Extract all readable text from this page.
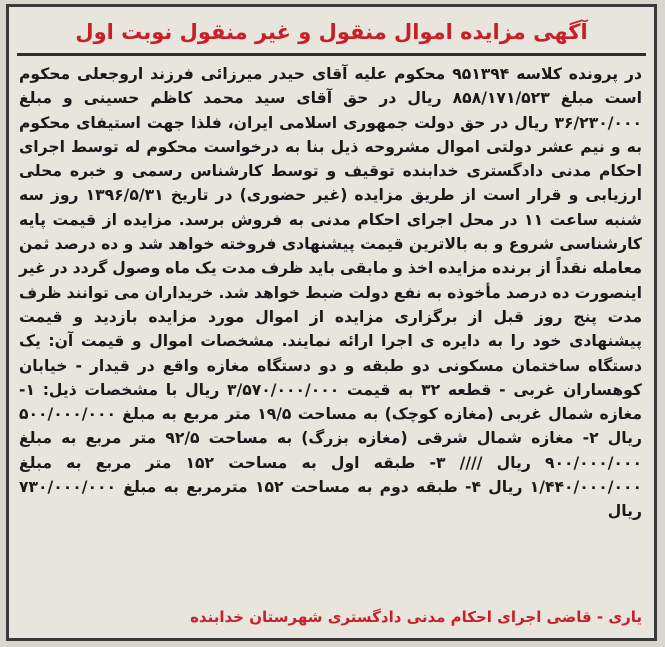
آگهی مزایده اموال منقول و غیر منقول نوبت اول
در پرونده کلاسه ۹۵۱۳۹۴ محکوم علیه آقای حیدر میرزائی فرزند اروجعلی محکوم است مبلغ ۸۵۸/۱۷۱/۵۲۳ ریال در حق آقای سید محمد کاظم حسینی و مبلغ ۳۶/۲۳۰/۰۰۰ ریال در حق دولت جمهوری اسلامی ایران، فلذا جهت استیفای محکوم به و نیم عشر دولتی اموال مشروحه ذیل بنا به درخواست محکوم له توسط اجرای احکام مدنی دادگستری خدابنده توقیف و توسط کارشناس رسمی و خبره محلی ارزیابی و قرار است از طریق مزایده (غیر حضوری) در تاریخ ۱۳۹۶/۵/۳۱ روز سه شنبه ساعت ۱۱ در محل اجرای احکام مدنی به فروش برسد. مزایده از قیمت پایه کارشناسی شروع و به بالاترین قیمت پیشنهادی فروخته خواهد شد و ده درصد ثمن معامله نقداً از برنده مزایده اخذ و مابقی باید ظرف مدت یک ماه وصول گردد در غیر اینصورت ده درصد مأخوذه به نفع دولت ضبط خواهد شد. خریداران می توانند ظرف مدت پنج روز قبل از برگزاری مزایده از اموال مورد مزایده بازدید و قیمت پیشنهادی خود را به دایره ی اجرا ارائه نمایند. مشخصات اموال و قیمت آن: یک دستگاه ساختمان مسکونی دو طبقه و دو دستگاه مغازه واقع در قیدار - خیابان کوهساران غربی - قطعه ۳۲ به قیمت ۳/۵۷۰/۰۰۰/۰۰۰ ریال با مشخصات ذیل: ۱- مغازه شمال غربی (مغازه کوچک) به مساحت ۱۹/۵ متر مربع به مبلغ ۵۰۰/۰۰۰/۰۰۰ ریال ۲- مغازه شمال شرقی (مغازه بزرگ) به مساحت ۹۲/۵ متر مربع به مبلغ ۹۰۰/۰۰۰/۰۰۰ ریال //// ۳- طبقه اول به مساحت ۱۵۲ متر مربع به مبلغ ۱/۴۴۰/۰۰۰/۰۰۰ ریال ۴- طبقه دوم به مساحت ۱۵۲ مترمربع به مبلغ ۷۳۰/۰۰۰/۰۰۰ ریال
یاری - قاضی اجرای احکام مدنی دادگستری شهرستان خدابنده
